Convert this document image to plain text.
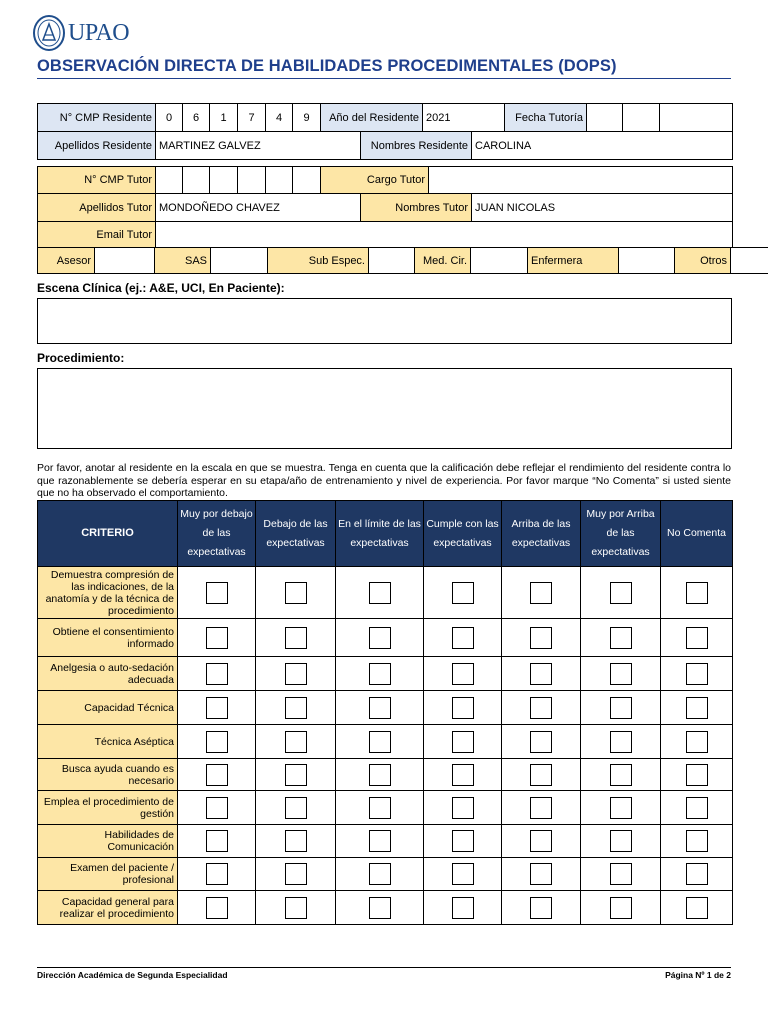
UPAO
OBSERVACIÓN DIRECTA DE HABILIDADES PROCEDIMENTALES (DOPS)
N° CMP Residente	0	6	1	7	4	9	Año del Residente	2021	Fecha Tutoría			
Apellidos Residente	MARTINEZ GALVEZ	Nombres Residente	CAROLINA
N° CMP Tutor							Cargo Tutor	
Apellidos Tutor	MONDOÑEDO CHAVEZ	Nombres Tutor	JUAN NICOLAS
Email Tutor	
Asesor		SAS		Sub Espec.		Med. Cir.		Enfermera		Otros	
Escena Clínica (ej.: A&E, UCI, En Paciente):
Procedimiento:
Por favor, anotar al residente en la escala en que se muestra. Tenga en cuenta que la calificación debe reflejar el rendimiento del residente contra lo que razonablemente se debería esperar en su etapa/año de entrenamiento y nivel de experiencia. Por favor marque “No Comenta” si usted siente que no ha observado el comportamiento.
CRITERIO	Muy por debajo de las expectativas	Debajo de las expectativas	En el límite de las expectativas	Cumple con las expectativas	Arriba de las expectativas	Muy por Arriba de las expectativas	No Comenta
Demuestra compresión de las indicaciones, de la anatomía y de la técnica de procedimiento							
Obtiene el consentimiento informado							
Anelgesia o auto-sedación adecuada							
Capacidad Técnica							
Técnica Aséptica							
Busca ayuda cuando es necesario							
Emplea el procedimiento de gestión							
Habilidades de Comunicación							
Examen del paciente / profesional							
Capacidad general para realizar el procedimiento							
Dirección Académica de Segunda Especialidad	Página Nº 1 de 2
